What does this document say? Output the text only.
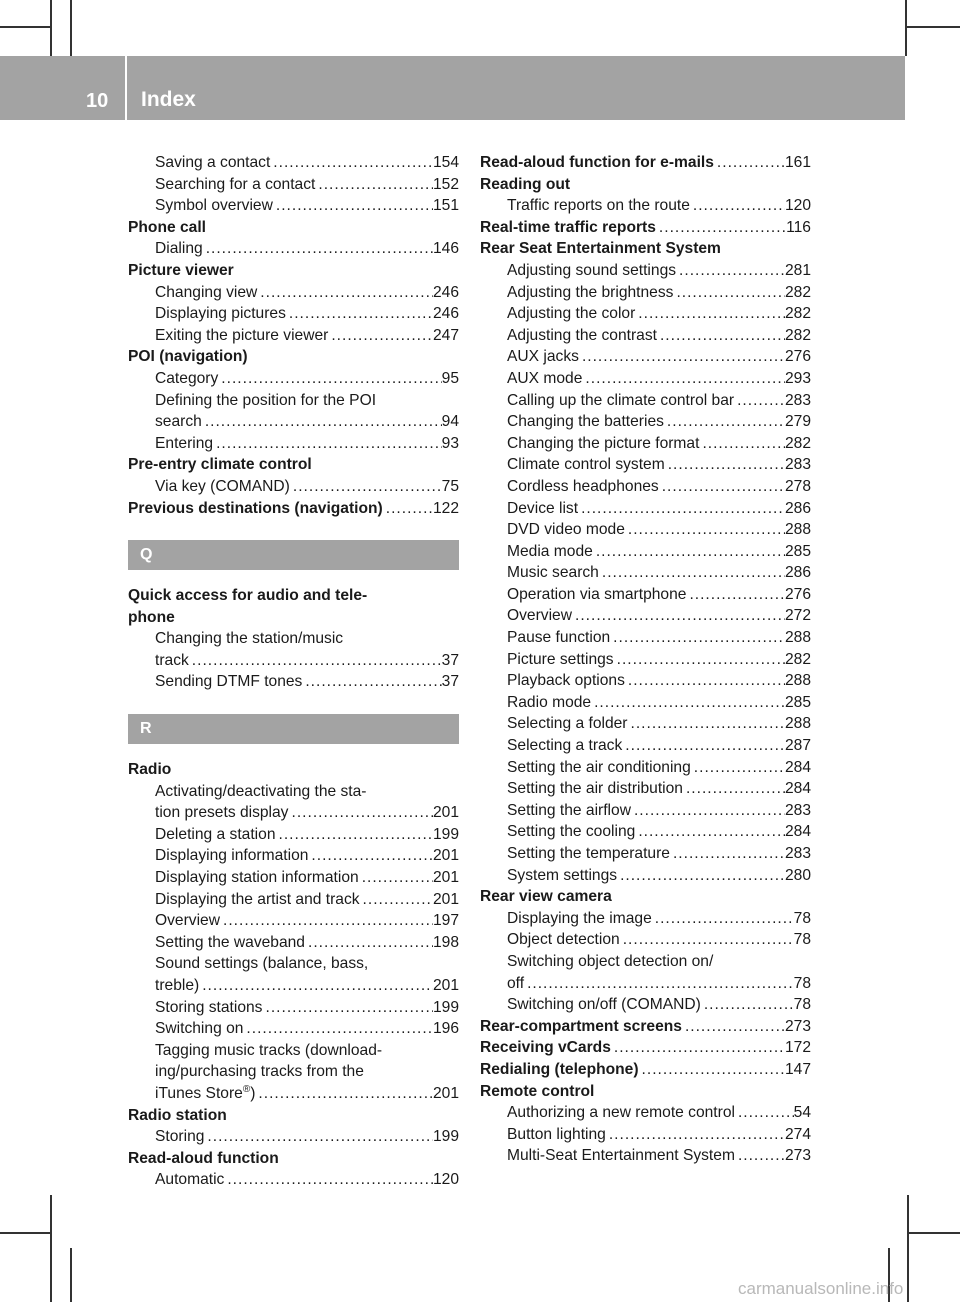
10 Index
Saving a contact .....	154
Searching for a contact .....	152
Symbol overview .....	151
Phone call
Dialing .....	146
Picture viewer
Changing view .....	246
Displaying pictures .....	246
Exiting the picture viewer .....	247
POI (navigation)
Category .....	95
Defining the position for the POI
search .....	94
Entering .....	93
Pre-entry climate control
Via key (COMAND) .....	75
Previous destinations (navigation) .....	122
Q
Quick access for audio and tele-
phone
Changing the station/music
track .....	37
Sending DTMF tones .....	37
R
Radio
Activating/deactivating the sta-
tion presets display .....	201
Deleting a station .....	199
Displaying information .....	201
Displaying station information .....	201
Displaying the artist and track .....	201
Overview .....	197
Setting the waveband .....	198
Sound settings (balance, bass,
treble) .....	201
Storing stations .....	199
Switching on .....	196
Tagging music tracks (download-
ing/purchasing tracks from the
iTunes Store®) .....	201
Radio station
Storing .....	199
Read-aloud function
Automatic .....	120
Read-aloud function for e-mails .....	161
Reading out
Traffic reports on the route .....	120
Real-time traffic reports .....	116
Rear Seat Entertainment System
Adjusting sound settings .....	281
Adjusting the brightness .....	282
Adjusting the color .....	282
Adjusting the contrast .....	282
AUX jacks .....	276
AUX mode .....	293
Calling up the climate control bar .....	283
Changing the batteries .....	279
Changing the picture format .....	282
Climate control system .....	283
Cordless headphones .....	278
Device list .....	286
DVD video mode .....	288
Media mode .....	285
Music search .....	286
Operation via smartphone .....	276
Overview .....	272
Pause function .....	288
Picture settings .....	282
Playback options .....	288
Radio mode .....	285
Selecting a folder .....	288
Selecting a track .....	287
Setting the air conditioning .....	284
Setting the air distribution .....	284
Setting the airflow .....	283
Setting the cooling .....	284
Setting the temperature .....	283
System settings .....	280
Rear view camera
Displaying the image .....	78
Object detection .....	78
Switching object detection on/
off .....	78
Switching on/off (COMAND) .....	78
Rear-compartment screens .....	273
Receiving vCards .....	172
Redialing (telephone) .....	147
Remote control
Authorizing a new remote control .....	54
Button lighting .....	274
Multi-Seat Entertainment System .....	273
carmanualsonline.info
